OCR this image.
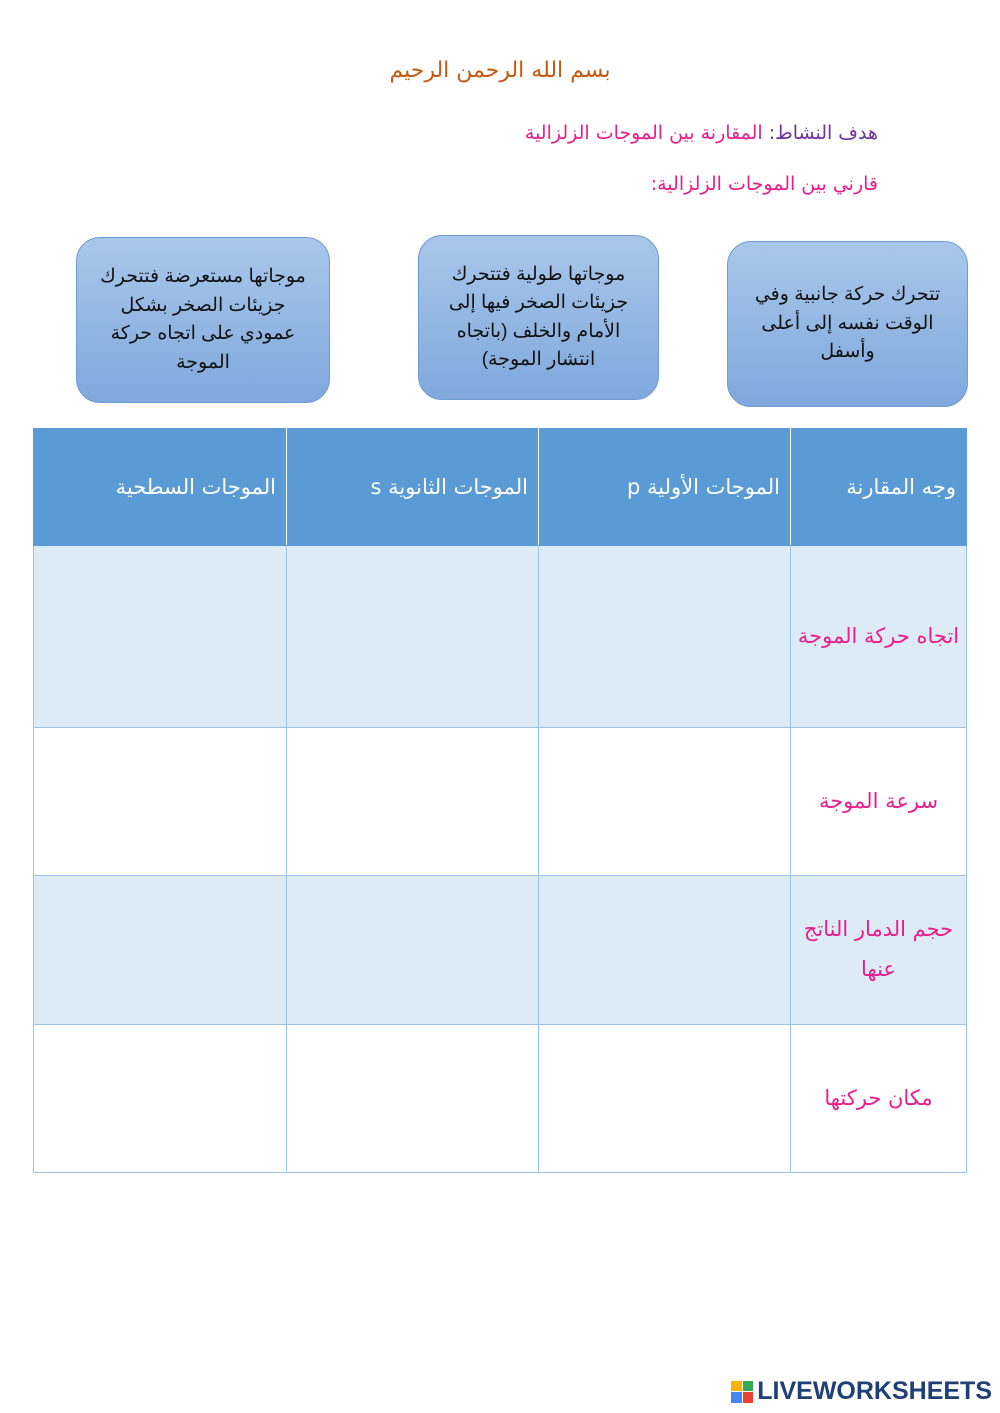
بسم الله الرحمن الرحيم
هدف النشاط: المقارنة بين الموجات الزلزالية
قارني بين الموجات الزلزالية:
موجاتها مستعرضة فتتحرك جزيئات الصخر بشكل عمودي على اتجاه حركة الموجة
موجاتها طولية فتتحرك جزيئات الصخر فيها إلى الأمام والخلف (باتجاه انتشار الموجة)
تتحرك حركة جانبية وفي الوقت نفسه إلى أعلى وأسفل
الموجات السطحية	الموجات الثانوية s	الموجات الأولية p	وجه المقارنة
			اتجاه حركة الموجة
			سرعة الموجة
			حجم الدمار الناتج عنها
			مكان حركتها
LIVEWORKSHEETS
